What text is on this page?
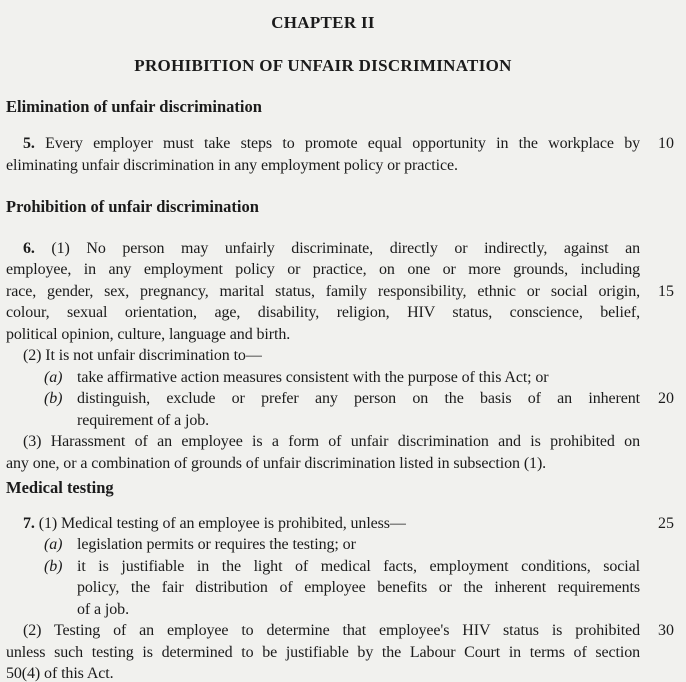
CHAPTER II
PROHIBITION OF UNFAIR DISCRIMINATION
Elimination of unfair discrimination
5. Every employer must take steps to promote equal opportunity in the workplace by
eliminating unfair discrimination in any employment policy or practice.
Prohibition of unfair discrimination
6. (1) No person may unfairly discriminate, directly or indirectly, against an
employee, in any employment policy or practice, on one or more grounds, including
race, gender, sex, pregnancy, marital status, family responsibility, ethnic or social origin,
colour, sexual orientation, age, disability, religion, HIV status, conscience, belief,
political opinion, culture, language and birth.
(2) It is not unfair discrimination to—
(a) take affirmative action measures consistent with the purpose of this Act; or
(b) distinguish, exclude or prefer any person on the basis of an inherent
requirement of a job.
(3) Harassment of an employee is a form of unfair discrimination and is prohibited on
any one, or a combination of grounds of unfair discrimination listed in subsection (1).
Medical testing
7. (1) Medical testing of an employee is prohibited, unless—
(a) legislation permits or requires the testing; or
(b) it is justifiable in the light of medical facts, employment conditions, social
policy, the fair distribution of employee benefits or the inherent requirements
of a job.
(2) Testing of an employee to determine that employee's HIV status is prohibited
unless such testing is determined to be justifiable by the Labour Court in terms of section
50(4) of this Act.
10
15
20
25
30
